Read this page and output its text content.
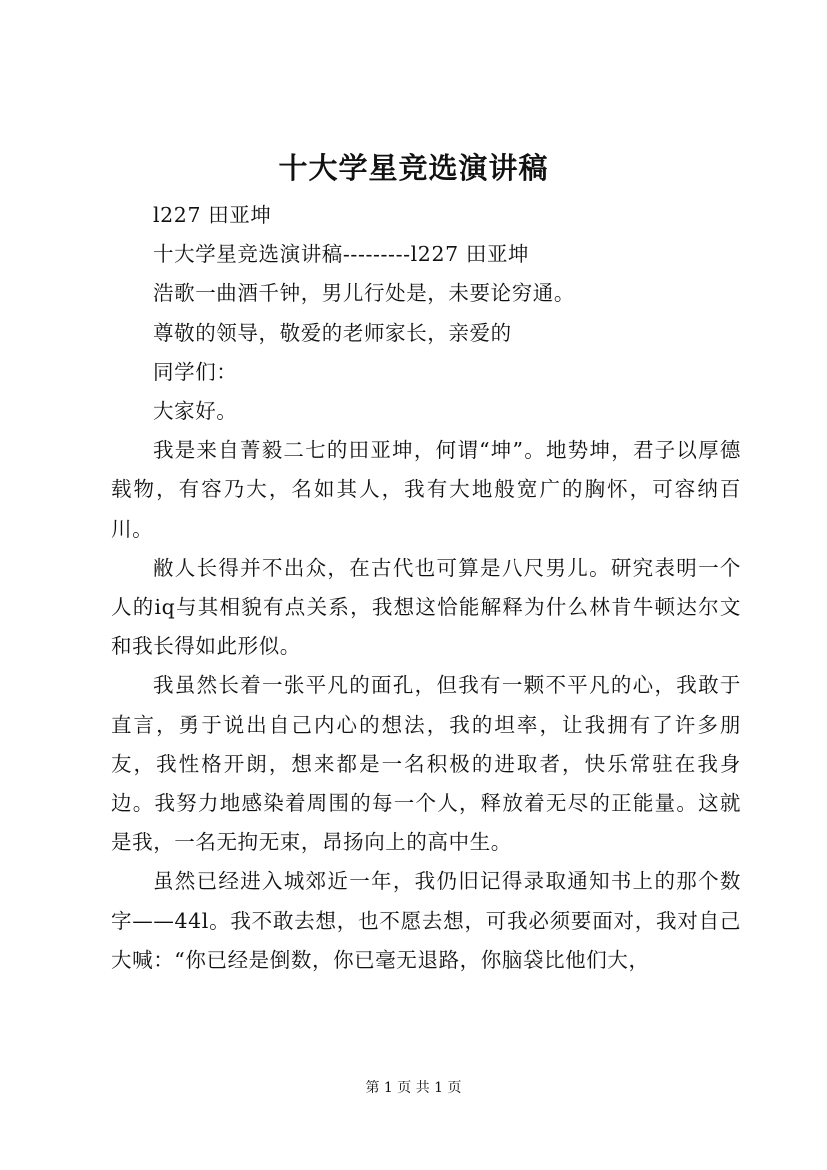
十大学星竞选演讲稿

l227 田亚坤

十大学星竞选演讲稿---------l227 田亚坤

浩歌一曲酒千钟，男儿行处是，未要论穷通。

尊敬的领导，敬爱的老师家长，亲爱的

同学们：

大家好。

我是来自菁毅二七的田亚坤，何谓“坤”。地势坤，君子以厚德载物，有容乃大，名如其人，我有大地般宽广的胸怀，可容纳百川。

敝人长得并不出众，在古代也可算是八尺男儿。研究表明一个人的iq与其相貌有点关系，我想这恰能解释为什么林肯牛顿达尔文和我长得如此形似。

我虽然长着一张平凡的面孔，但我有一颗不平凡的心，我敢于直言，勇于说出自己内心的想法，我的坦率，让我拥有了许多朋友，我性格开朗，想来都是一名积极的进取者，快乐常驻在我身边。我努力地感染着周围的每一个人，释放着无尽的正能量。这就是我，一名无拘无束，昂扬向上的高中生。

虽然已经进入城郊近一年，我仍旧记得录取通知书上的那个数字——44l。我不敢去想，也不愿去想，可我必须要面对，我对自己大喊：“你已经是倒数，你已毫无退路，你脑袋比他们大，

第 1 页 共 1 页
